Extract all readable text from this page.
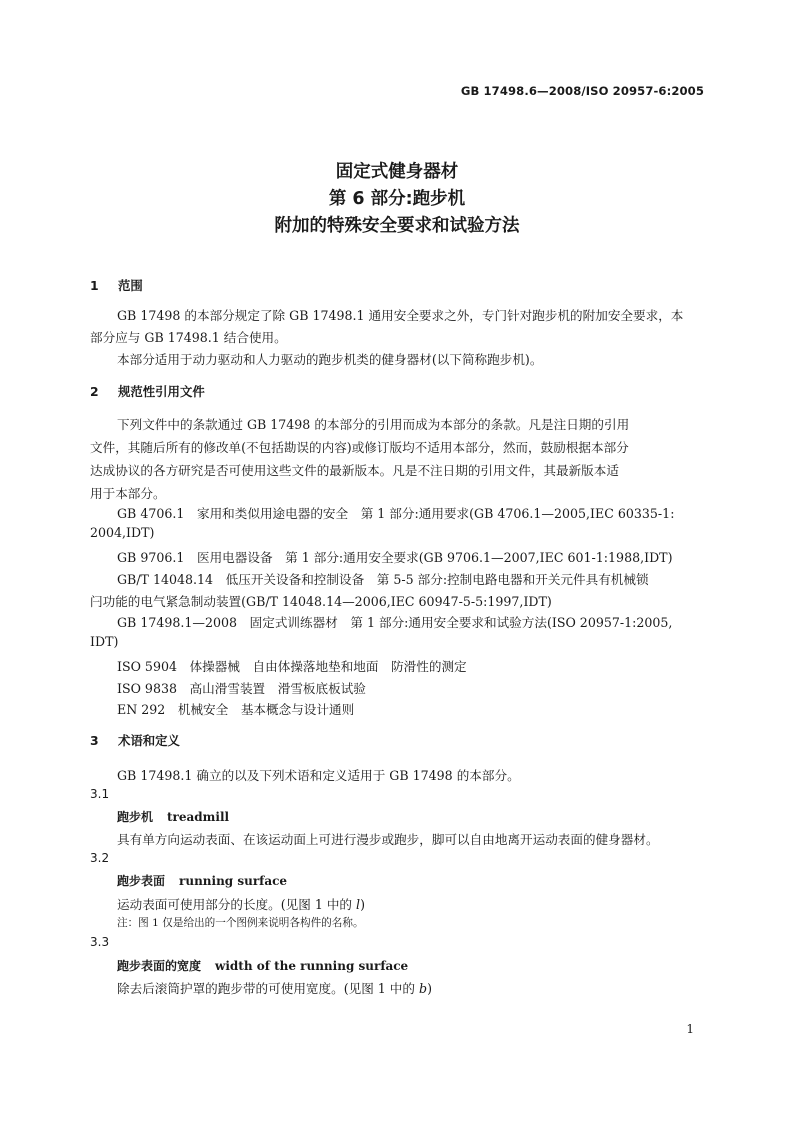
GB 17498.6—2008/ISO 20957-6:2005
固定式健身器材
第 6 部分:跑步机
附加的特殊安全要求和试验方法
1 范围
GB 17498 的本部分规定了除 GB 17498.1 通用安全要求之外，专门针对跑步机的附加安全要求，本
部分应与 GB 17498.1 结合使用。
本部分适用于动力驱动和人力驱动的跑步机类的健身器材(以下简称跑步机)。
2 规范性引用文件
下列文件中的条款通过 GB 17498 的本部分的引用而成为本部分的条款。凡是注日期的引用
文件，其随后所有的修改单(不包括勘误的内容)或修订版均不适用本部分，然而，鼓励根据本部分
达成协议的各方研究是否可使用这些文件的最新版本。凡是不注日期的引用文件，其最新版本适
用于本部分。
GB 4706.1　家用和类似用途电器的安全　第 1 部分:通用要求(GB 4706.1—2005,IEC 60335-1:
2004,IDT)
GB 9706.1　医用电器设备　第 1 部分:通用安全要求(GB 9706.1—2007,IEC 601-1:1988,IDT)
GB/T 14048.14　低压开关设备和控制设备　第 5-5 部分:控制电路电器和开关元件具有机械锁
闩功能的电气紧急制动装置(GB/T 14048.14—2006,IEC 60947-5-5:1997,IDT)
GB 17498.1—2008　固定式训练器材　第 1 部分:通用安全要求和试验方法(ISO 20957-1:2005,
IDT)
ISO 5904　体操器械　自由体操落地垫和地面　防滑性的测定
ISO 9838　高山滑雪装置　滑雪板底板试验
EN 292　机械安全　基本概念与设计通则
3 术语和定义
GB 17498.1 确立的以及下列术语和定义适用于 GB 17498 的本部分。
3.1
跑步机 treadmill
具有单方向运动表面、在该运动面上可进行漫步或跑步，脚可以自由地离开运动表面的健身器材。
3.2
跑步表面 running surface
运动表面可使用部分的长度。(见图 1 中的 l)
注：图 1 仅是给出的一个图例来说明各构件的名称。
3.3
跑步表面的宽度 width of the running surface
除去后滚筒护罩的跑步带的可使用宽度。(见图 1 中的 b)
1
